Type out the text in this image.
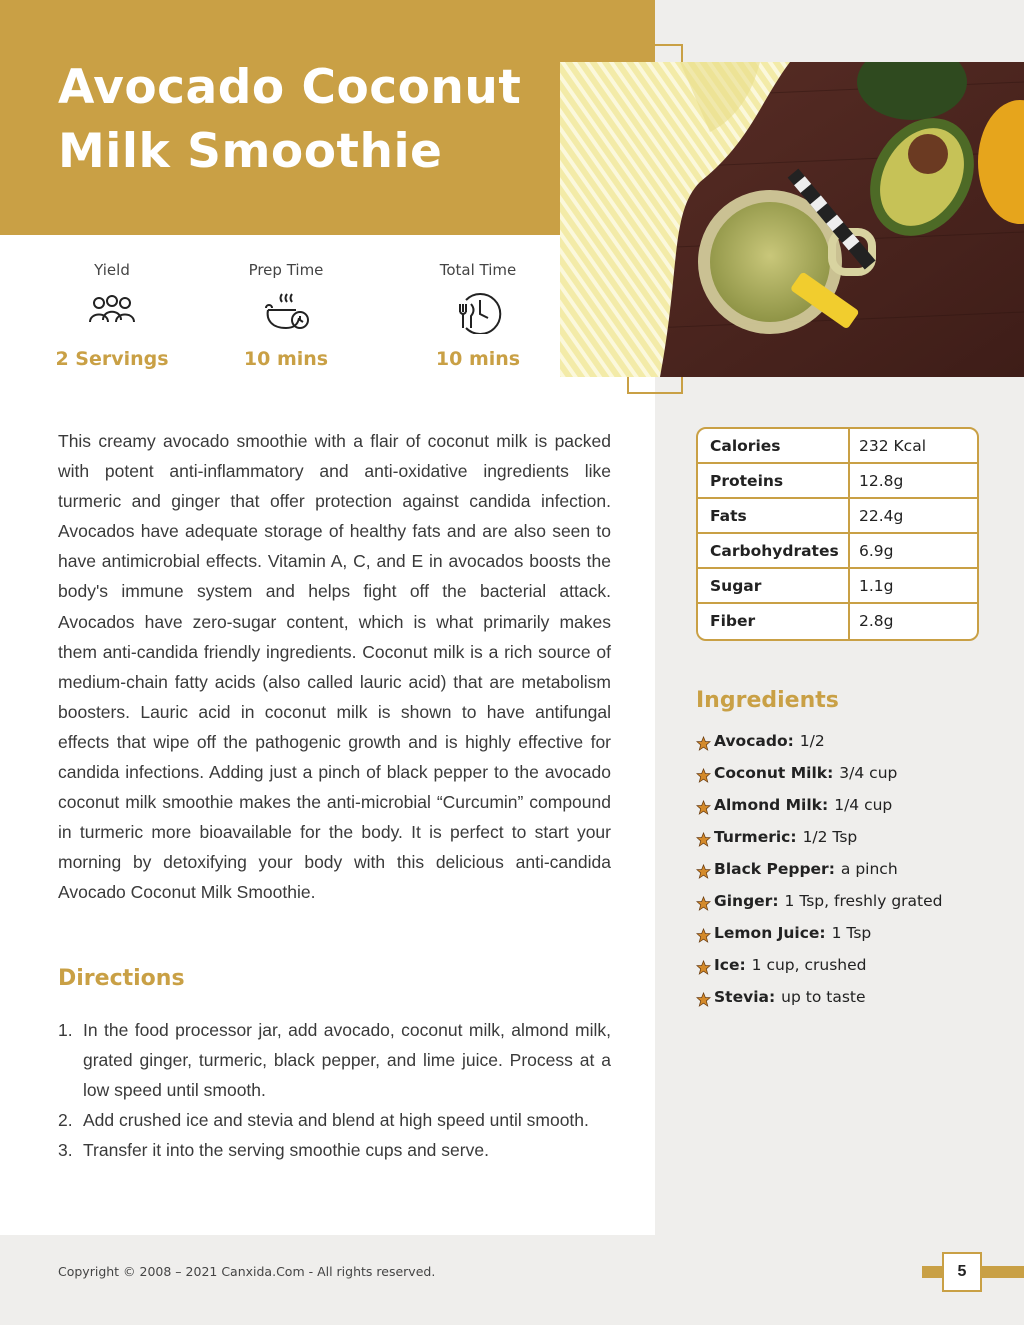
Avocado Coconut Milk Smoothie
Yield
2 Servings
Prep Time
10 mins
Total Time
10 mins

This creamy avocado smoothie with a flair of coconut milk is packed with potent anti-inflammatory and anti-oxidative ingredients like turmeric and ginger that offer protection against candida infection. Avocados have adequate storage of healthy fats and are also seen to have antimicrobial effects. Vitamin A, C, and E in avocados boosts the body's immune system and helps fight off the bacterial attack. Avocados have zero-sugar content, which is what primarily makes them anti-candida friendly ingredients. Coconut milk is a rich source of medium-chain fatty acids (also called lauric acid) that are metabolism boosters. Lauric acid in coconut milk is shown to have antifungal effects that wipe off the pathogenic growth and is highly effective for candida infections. Adding just a pinch of black pepper to the avocado coconut milk smoothie makes the anti-microbial “Curcumin” compound in turmeric more bioavailable for the body. It is perfect to start your morning by detoxifying your body with this delicious anti-candida Avocado Coconut Milk Smoothie.

Directions
1. In the food processor jar, add avocado, coconut milk, almond milk, grated ginger, turmeric, black pepper, and lime juice. Process at a low speed until smooth.
2. Add crushed ice and stevia and blend at high speed until smooth.
3. Transfer it into the serving smoothie cups and serve.
Calories	232 Kcal
Proteins	12.8g
Fats	22.4g
Carbohydrates	6.9g
Sugar	1.1g
Fiber	2.8g
Ingredients
Avocado: 1/2
Coconut Milk: 3/4 cup
Almond Milk: 1/4 cup
Turmeric: 1/2 Tsp
Black Pepper: a pinch
Ginger: 1 Tsp, freshly grated
Lemon Juice: 1 Tsp
Ice: 1 cup, crushed
Stevia: up to taste
Copyright © 2008 – 2021 Canxida.Com - All rights reserved.	5
